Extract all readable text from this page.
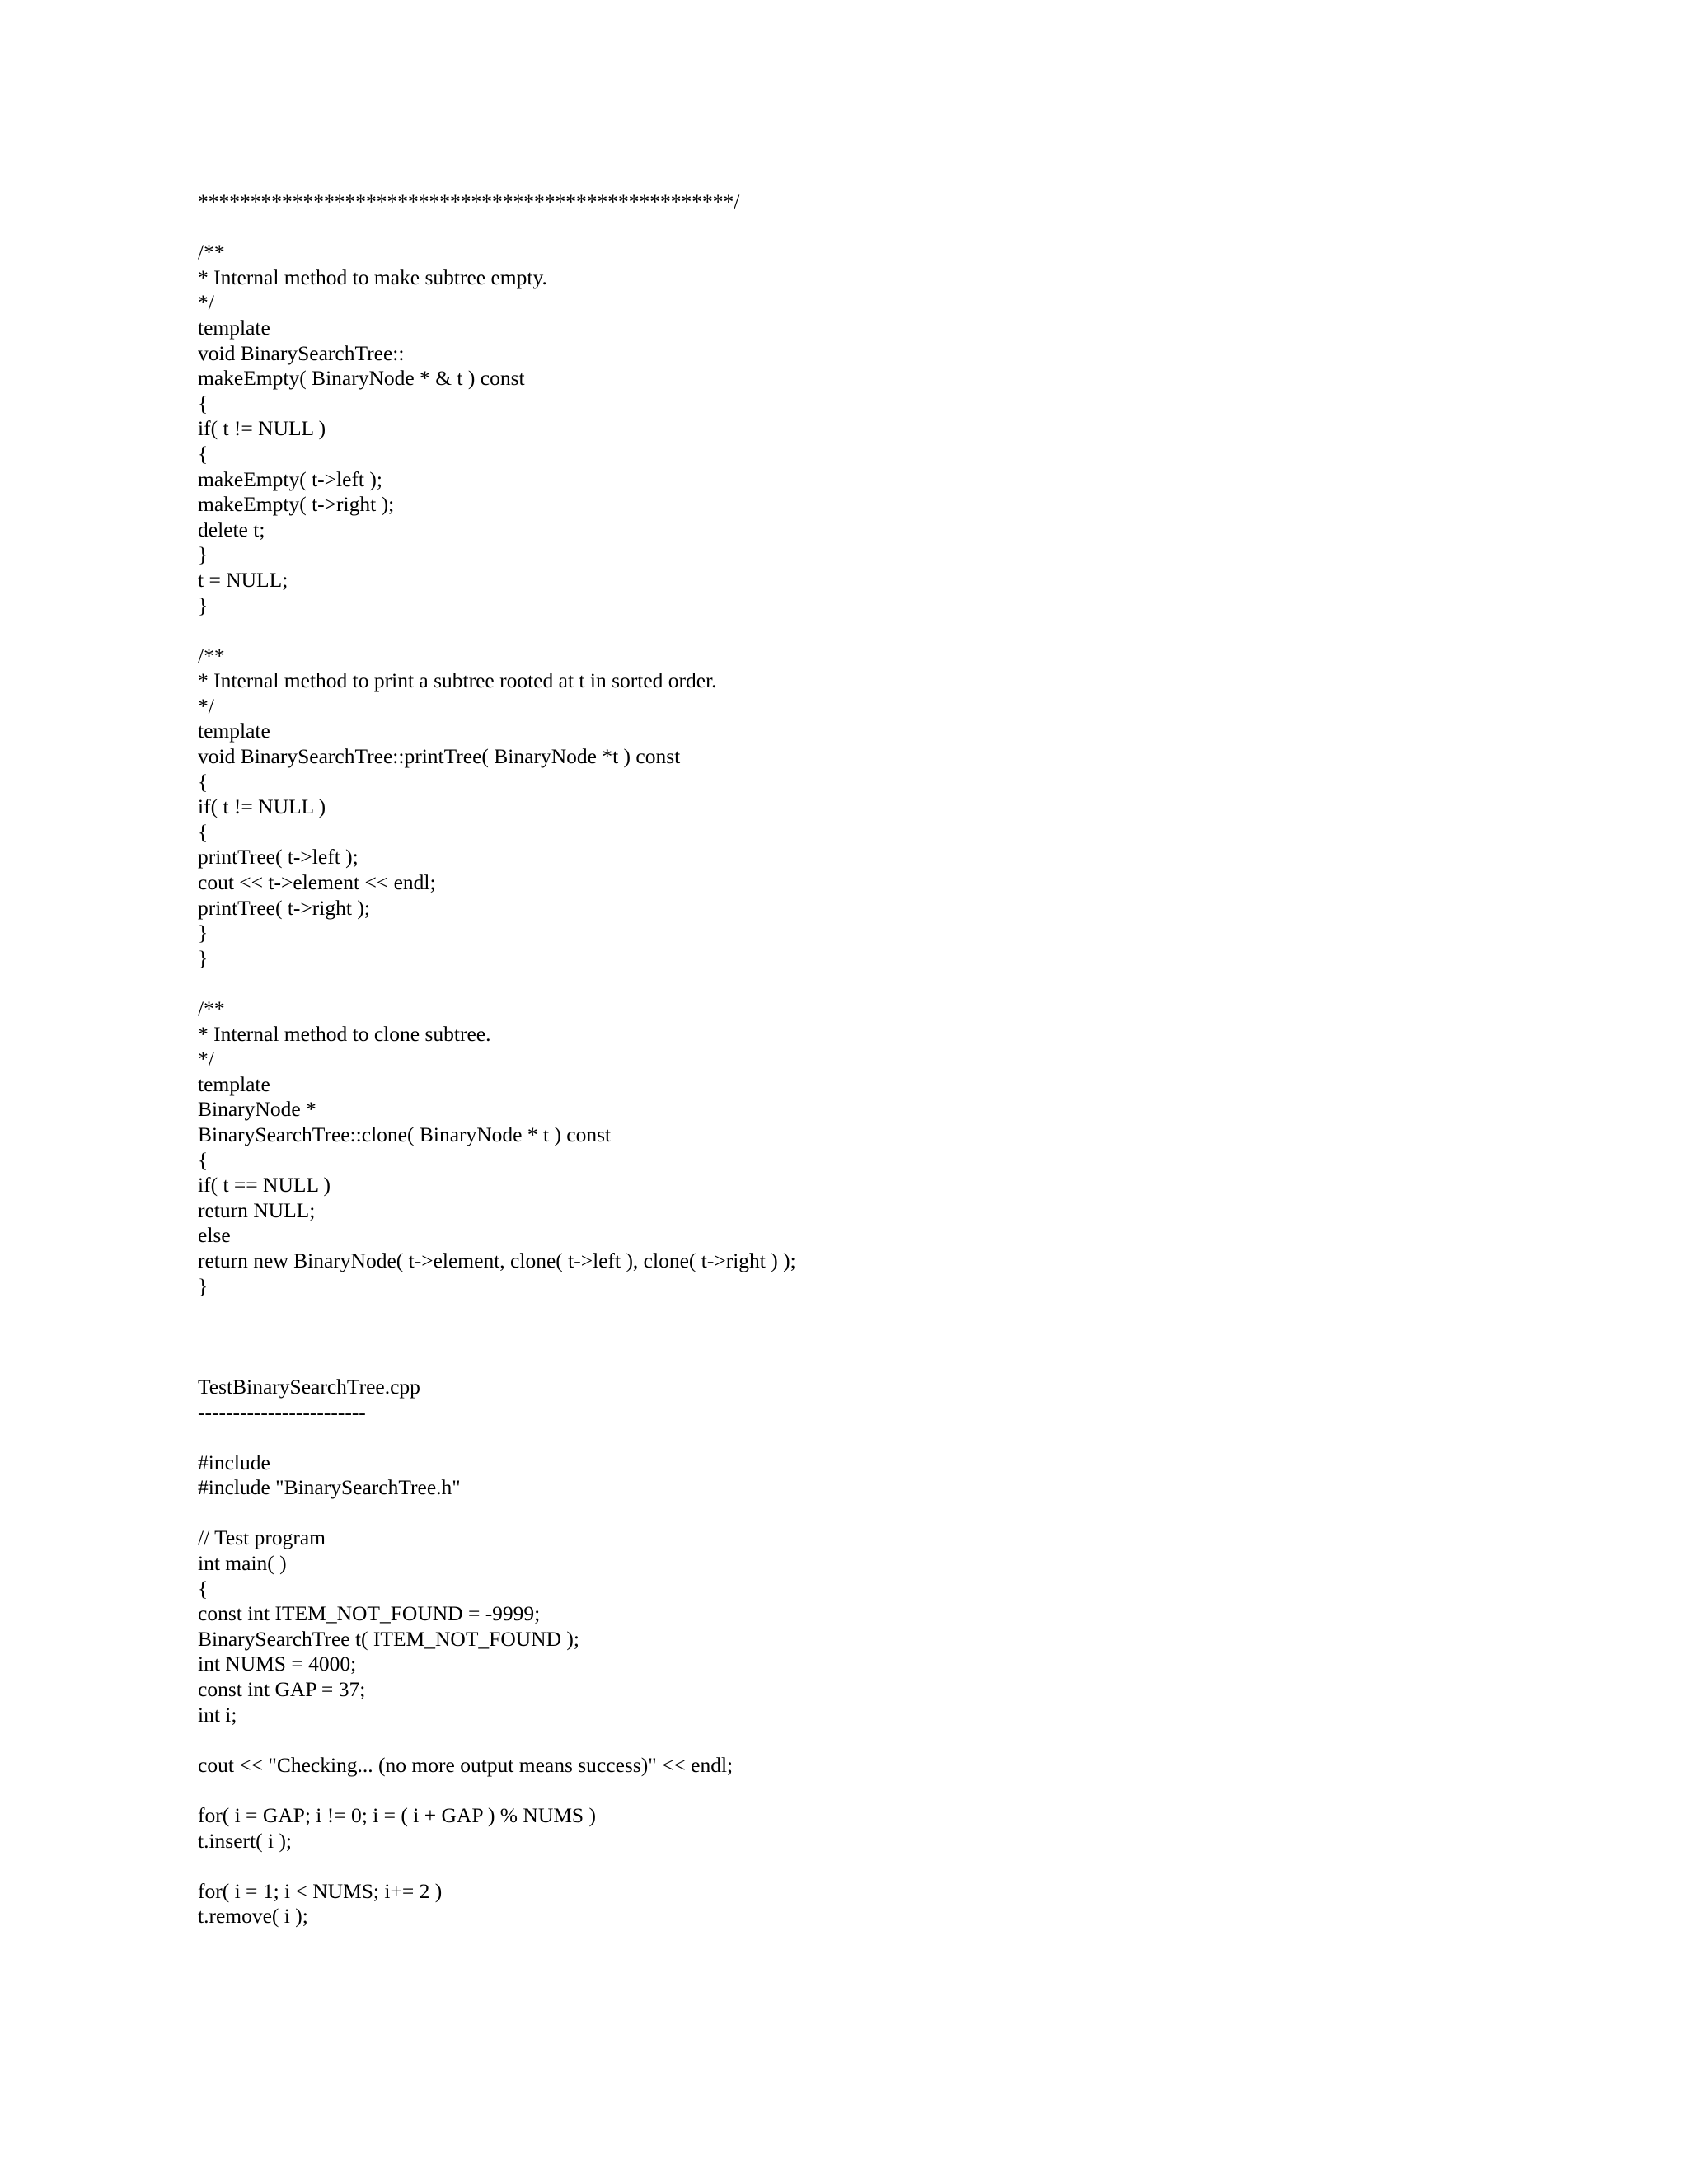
***************************************************/
/**
* Internal method to make subtree empty.
*/
template
void BinarySearchTree::
makeEmpty( BinaryNode * & t ) const
{
if( t != NULL )
{
makeEmpty( t->left );
makeEmpty( t->right );
delete t;
}
t = NULL;
}
/**
* Internal method to print a subtree rooted at t in sorted order.
*/
template
void BinarySearchTree::printTree( BinaryNode *t ) const
{
if( t != NULL )
{
printTree( t->left );
cout << t->element << endl;
printTree( t->right );
}
}
/**
* Internal method to clone subtree.
*/
template
BinaryNode *
BinarySearchTree::clone( BinaryNode * t ) const
{
if( t == NULL )
return NULL;
else
return new BinaryNode( t->element, clone( t->left ), clone( t->right ) );
}
TestBinarySearchTree.cpp
------------------------
#include
#include "BinarySearchTree.h"
// Test program
int main( )
{
const int ITEM_NOT_FOUND = -9999;
BinarySearchTree t( ITEM_NOT_FOUND );
int NUMS = 4000;
const int GAP = 37;
int i;
cout << "Checking... (no more output means success)" << endl;
for( i = GAP; i != 0; i = ( i + GAP ) % NUMS )
t.insert( i );
for( i = 1; i < NUMS; i+= 2 )
t.remove( i );
